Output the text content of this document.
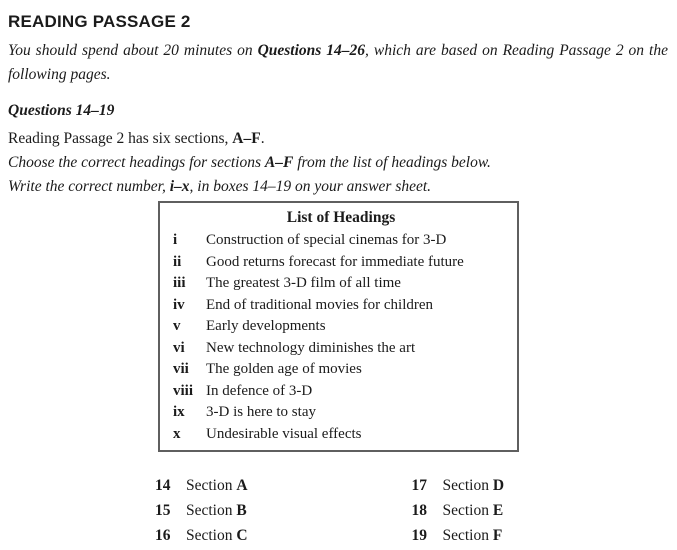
READING PASSAGE 2

You should spend about 20 minutes on Questions 14–26, which are based on Reading Passage 2 on the following pages.

Questions 14–19

Reading Passage 2 has six sections, A–F.

Choose the correct headings for sections A–F from the list of headings below.

Write the correct number, i–x, in boxes 14–19 on your answer sheet.

List of Headings
i	Construction of special cinemas for 3-D
ii	Good returns forecast for immediate future
iii	The greatest 3-D film of all time
iv	End of traditional movies for children
v	Early developments
vi	New technology diminishes the art
vii	The golden age of movies
viii In defence of 3-D
ix	3-D is here to stay
x	Undesirable visual effects
14	Section A
15	Section B
16	Section C
17	Section D
18	Section E
19	Section F
